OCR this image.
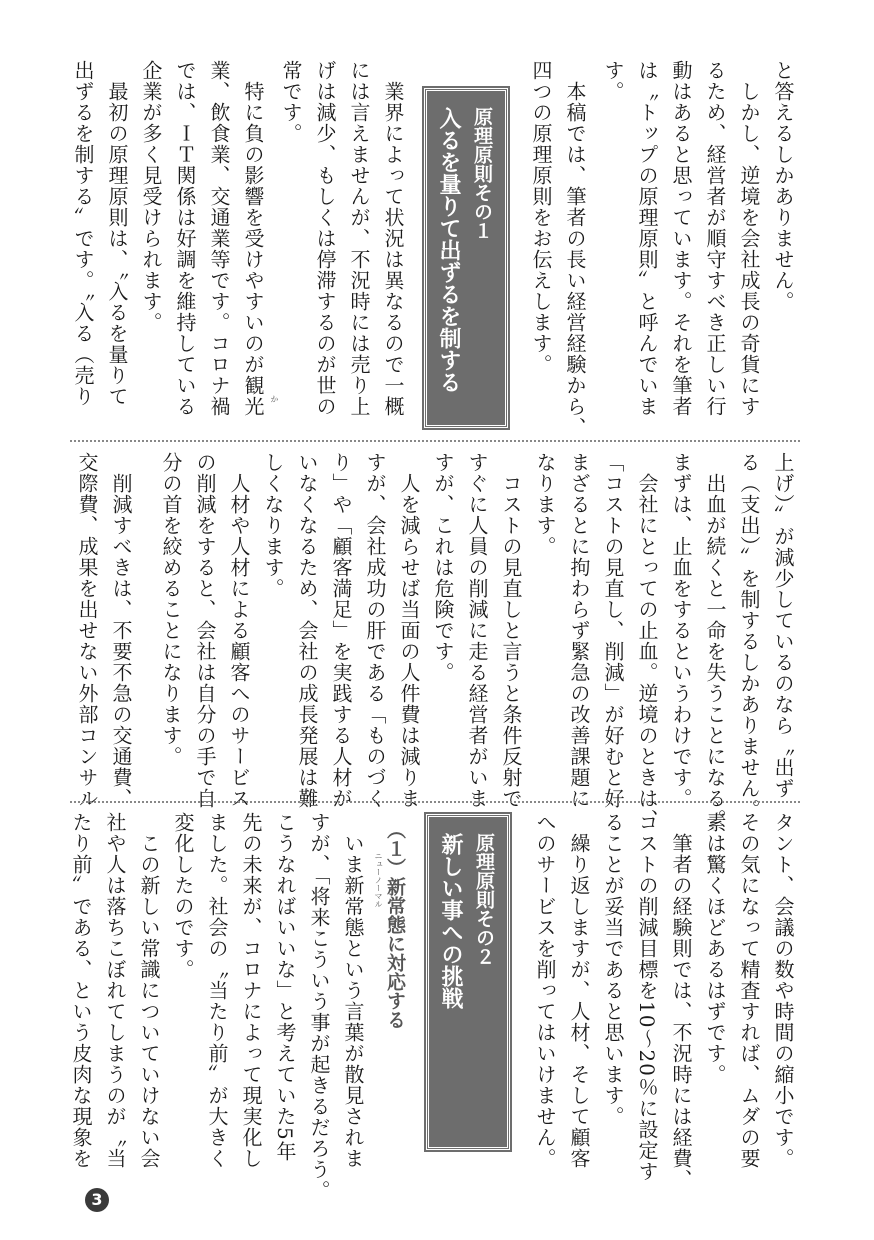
と答えるしかありません。
しかし、逆境を会社成長の奇貨にす
るため、経営者が順守すべき正しい行
動はあると思っています。それを筆者
は〝トップの原理原則〟と呼んでいま
す。
本稿では、筆者の長い経営経験から、
四つの原理原則をお伝えします。
原理原則その１
入るを量りて出ずるを制する
業界によって状況は異なるので一概
には言えませんが、不況時には売り上
げは減少、もしくは停滞するのが世の
常です。
特に負の影響を受けやすいのが観光 か
業、飲食業、交通業等です。コロナ禍
では、ＩＴ関係は好調を維持している
企業が多く見受けられます。
最初の原理原則は、〝入るを量りて
出ずるを制する〟です。〝入る（売り
上げ）〟が減少しているのなら〝出ず
る（支出）〟を制するしかありません。
出血が続くと一命を失うことになる。
まずは、止血をするというわけです。
会社にとっての止血。逆境のときは、
「コストの見直し、削減」が好むと好
まざるとに拘わらず緊急の改善課題に
なります。
コストの見直しと言うと条件反射で
すぐに人員の削減に走る経営者がいま
すが、これは危険です。
人を減らせば当面の人件費は減りま
すが、会社成功の肝である「ものづく
り」や「顧客満足」を実践する人材が
いなくなるため、会社の成長発展は難
しくなります。
人材や人材による顧客へのサービス
の削減をすると、会社は自分の手で自
分の首を絞めることになります。
削減すべきは、不要不急の交通費、
交際費、成果を出せない外部コンサル
タント、会議の数や時間の縮小です。
その気になって精査すれば、ムダの要
素は驚くほどあるはずです。
筆者の経験則では、不況時には経費、
コストの削減目標を10～20％に設定す
ることが妥当であると思います。
繰り返しますが、人材、そして顧客
へのサービスを削ってはいけません。
原理原則その２
新しい事への挑戦
（１）新常態に対応する
ニューノーマル
いま新常態という言葉が散見されま
すが、「将来こういう事が起きるだろう。
こうなればいいな」と考えていた5年
先の未来が、コロナによって現実化し
ました。社会の〝当たり前〟が大きく
変化したのです。
この新しい常識についていけない会
社や人は落ちこぼれてしまうのが〝当
たり前〟である、という皮肉な現象を
3
